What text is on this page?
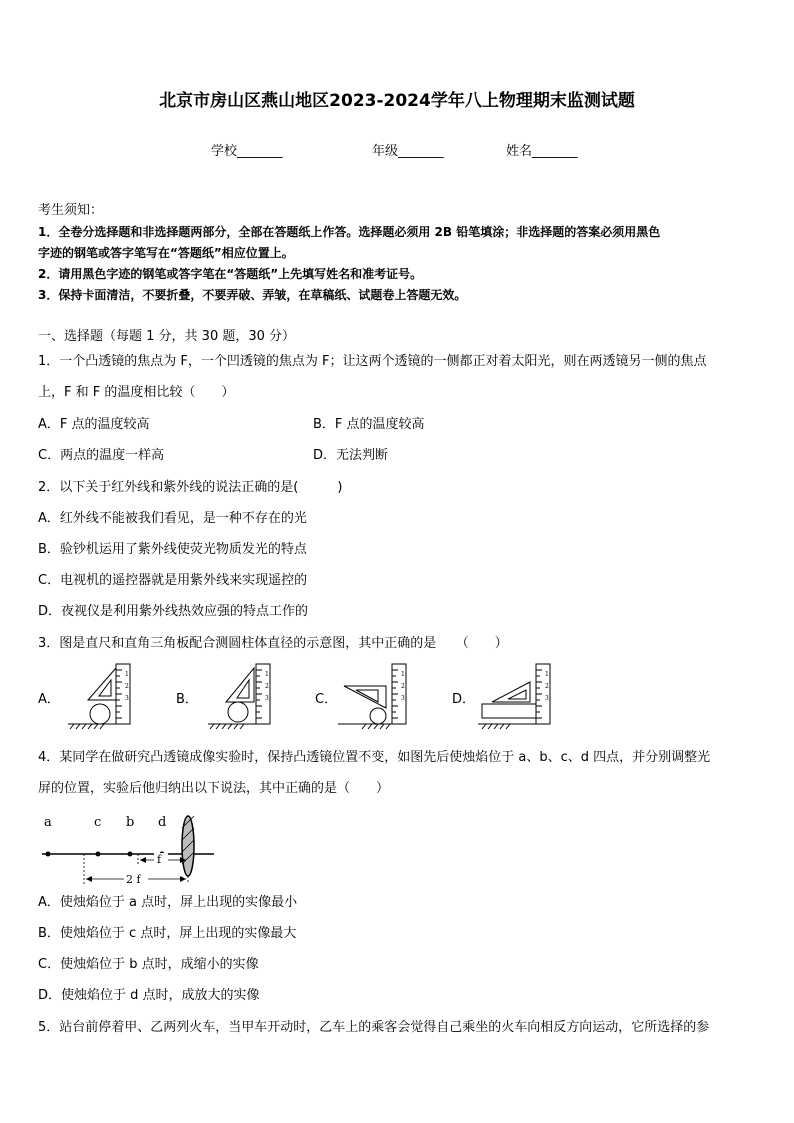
北京市房山区燕山地区2023-2024学年八上物理期末监测试题
学校_______	年级_______	姓名_______
考生须知：
1．全卷分选择题和非选择题两部分，全部在答题纸上作答。选择题必须用 2B 铅笔填涂；非选择题的答案必须用黑色
字迹的钢笔或答字笔写在“答题纸”相应位置上。
2．请用黑色字迹的钢笔或答字笔在“答题纸”上先填写姓名和准考证号。
3．保持卡面清洁，不要折叠，不要弄破、弄皱，在草稿纸、试题卷上答题无效。
一、选择题（每题 1 分，共 30 题，30 分）
1．一个凸透镜的焦点为 F，一个凹透镜的焦点为 F；让这两个透镜的一侧都正对着太阳光，则在两透镜另一侧的焦点
上，F 和 F 的温度相比较（　　）
A．F 点的温度较高	B．F 点的温度较高
C．两点的温度一样高	D．无法判断
2．以下关于红外线和紫外线的说法正确的是(　　　)
A．红外线不能被我们看见，是一种不存在的光
B．验钞机运用了紫外线使荧光物质发光的特点
C．电视机的遥控器就是用紫外线来实现遥控的
D．夜视仪是利用紫外线热效应强的特点工作的
3．图是直尺和直角三角板配合测圆柱体直径的示意图，其中正确的是　　（　　）
A．	B．	C．	D．
1
2
3
1
2
3
1
2
3
1
2
3
4．某同学在做研究凸透镜成像实验时，保持凸透镜位置不变，如图先后使烛焰位于 a、b、c、d 四点，并分别调整光
屏的位置，实验后他归纳出以下说法，其中正确的是（　　）
a	c b d
f
2 f
A．使烛焰位于 a 点时，屏上出现的实像最小
B．使烛焰位于 c 点时，屏上出现的实像最大
C．使烛焰位于 b 点时，成缩小的实像
D．使烛焰位于 d 点时，成放大的实像
5．站台前停着甲、乙两列火车，当甲车开动时，乙车上的乘客会觉得自己乘坐的火车向相反方向运动，它所选择的参
